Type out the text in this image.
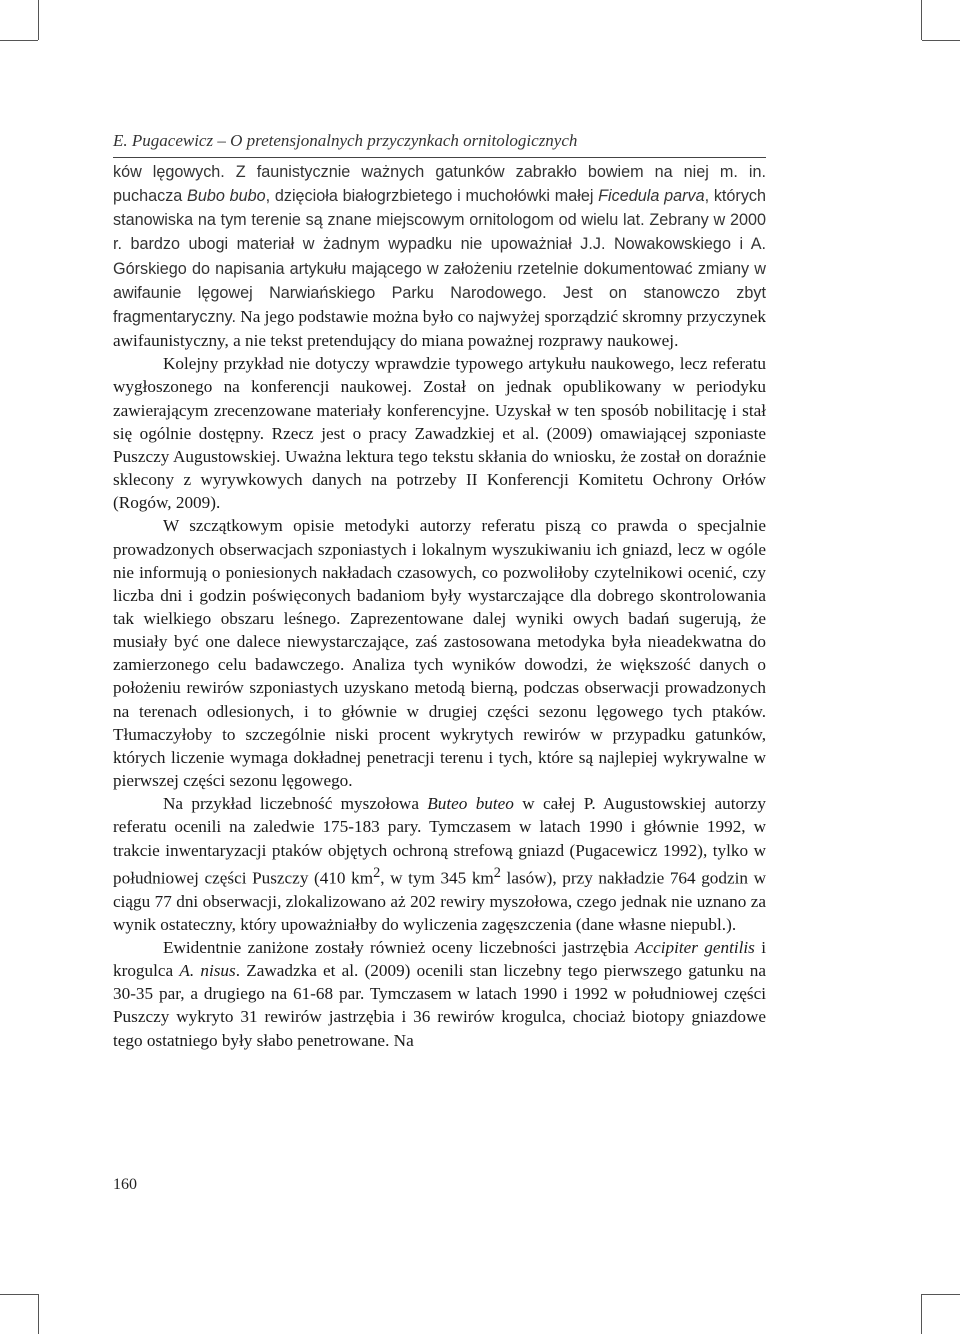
E. Pugacewicz – O pretensjonalnych przyczynkach ornitologicznych

ków lęgowych. Z faunistycznie ważnych gatunków zabrakło bowiem na niej m. in. puchacza Bubo bubo, dzięcioła białogrzbietego i muchołówki małej Ficedula parva, których stanowiska na tym terenie są znane miejscowym ornitologom od wielu lat. Zebrany w 2000 r. bardzo ubogi materiał w żadnym wypadku nie upoważniał J.J. Nowakowskiego i A. Górskiego do napisania artykułu mającego w założeniu rzetelnie dokumentować zmiany w awifaunie lęgowej Narwiańskiego Parku Narodowego. Jest on stanowczo zbyt fragmentaryczny. Na jego podstawie można było co najwyżej sporządzić skromny przyczynek awifaunistyczny, a nie tekst pretendujący do miana poważnej rozprawy naukowej.

Kolejny przykład nie dotyczy wprawdzie typowego artykułu naukowego, lecz referatu wygłoszonego na konferencji naukowej. Został on jednak opublikowany w periodyku zawierającym zrecenzowane materiały konferencyjne. Uzyskał w ten sposób nobilitację i stał się ogólnie dostępny. Rzecz jest o pracy Zawadzkiej et al. (2009) omawiającej szponiaste Puszczy Augustowskiej. Uważna lektura tego tekstu skłania do wniosku, że został on doraźnie sklecony z wyrywkowych danych na potrzeby II Konferencji Komitetu Ochrony Orłów (Rogów, 2009).

W szczątkowym opisie metodyki autorzy referatu piszą co prawda o specjalnie prowadzonych obserwacjach szponiastych i lokalnym wyszukiwaniu ich gniazd, lecz w ogóle nie informują o poniesionych nakładach czasowych, co pozwoliłoby czytelnikowi ocenić, czy liczba dni i godzin poświęconych badaniom były wystarczające dla dobrego skontrolowania tak wielkiego obszaru leśnego. Zaprezentowane dalej wyniki owych badań sugerują, że musiały być one dalece niewystarczające, zaś zastosowana metodyka była nieadekwatna do zamierzonego celu badawczego. Analiza tych wyników dowodzi, że większość danych o położeniu rewirów szponiastych uzyskano metodą bierną, podczas obserwacji prowadzonych na terenach odlesionych, i to głównie w drugiej części sezonu lęgowego tych ptaków. Tłumaczyłoby to szczególnie niski procent wykrytych rewirów w przypadku gatunków, których liczenie wymaga dokładnej penetracji terenu i tych, które są najlepiej wykrywalne w pierwszej części sezonu lęgowego.

Na przykład liczebność myszołowa Buteo buteo w całej P. Augustowskiej autorzy referatu ocenili na zaledwie 175-183 pary. Tymczasem w latach 1990 i głównie 1992, w trakcie inwentaryzacji ptaków objętych ochroną strefową gniazd (Pugacewicz 1992), tylko w południowej części Puszczy (410 $km^2$, w tym 345 $km^2$ lasów), przy nakładzie 764 godzin w ciągu 77 dni obserwacji, zlokalizowano aż 202 rewiry myszołowa, czego jednak nie uznano za wynik ostateczny, który upoważniałby do wyliczenia zagęszczenia (dane własne niepubl.).

Ewidentnie zaniżone zostały również oceny liczebności jastrzębia Accipiter gentilis i krogulca A. nisus. Zawadzka et al. (2009) ocenili stan liczebny tego pierwszego gatunku na 30-35 par, a drugiego na 61-68 par. Tymczasem w latach 1990 i 1992 w południowej części Puszczy wykryto 31 rewirów jastrzębia i 36 rewirów krogulca, chociaż biotopy gniazdowe tego ostatniego były słabo penetrowane. Na

160
